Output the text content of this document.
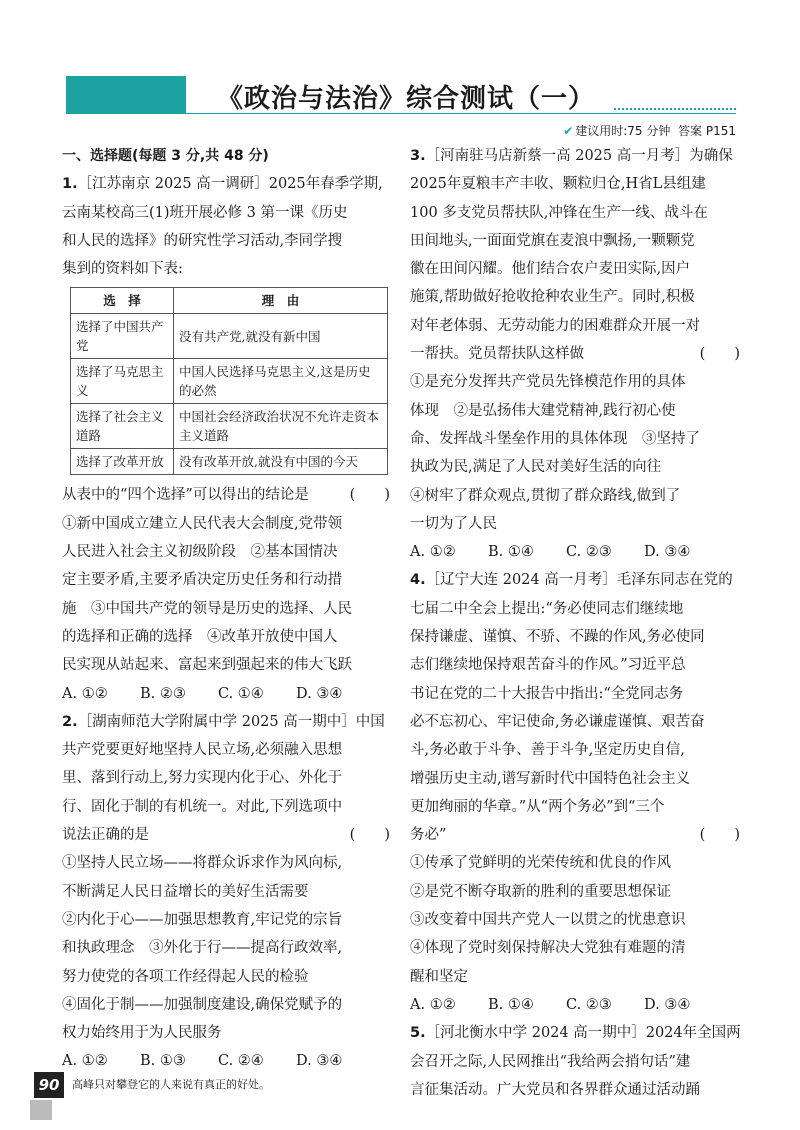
《政治与法治》综合测试（一）
✔ 建议用时:75 分钟 答案 P151
一、选择题(每题 3 分,共 48 分)
1.［江苏南京 2025 高一调研］2025年春季学期,
云南某校高三(1)班开展必修 3 第一课《历史
和人民的选择》的研究性学习活动,李同学搜
集到的资料如下表:
选　择	理　由
选择了中国共产党	没有共产党,就没有新中国
选择了马克思主义	中国人民选择马克思主义,这是历史的必然
选择了社会主义道路	中国社会经济政治状况不允许走资本主义道路
选择了改革开放	没有改革开放,就没有中国的今天
从表中的“四个选择”可以得出的结论是	(　　)
①新中国成立建立人民代表大会制度,党带领
人民进入社会主义初级阶段　②基本国情决
定主要矛盾,主要矛盾决定历史任务和行动措
施　③中国共产党的领导是历史的选择、人民
的选择和正确的选择　④改革开放使中国人
民实现从站起来、富起来到强起来的伟大飞跃
A. ①② B. ②③ C. ①④ D. ③④
2.［湖南师范大学附属中学 2025 高一期中］中国
共产党要更好地坚持人民立场,必须融入思想
里、落到行动上,努力实现内化于心、外化于
行、固化于制的有机统一。对此,下列选项中
说法正确的是	(　　)
①坚持人民立场——将群众诉求作为风向标,
不断满足人民日益增长的美好生活需要
②内化于心——加强思想教育,牢记党的宗旨
和执政理念　③外化于行——提高行政效率,
努力使党的各项工作经得起人民的检验
④固化于制——加强制度建设,确保党赋予的
权力始终用于为人民服务
A. ①② B. ①③ C. ②④ D. ③④
3.［河南驻马店新蔡一高 2025 高一月考］为确保
2025年夏粮丰产丰收、颗粒归仓,H省L县组建
100 多支党员帮扶队,冲锋在生产一线、战斗在
田间地头,一面面党旗在麦浪中飘扬,一颗颗党
徽在田间闪耀。他们结合农户麦田实际,因户
施策,帮助做好抢收抢种农业生产。同时,积极
对年老体弱、无劳动能力的困难群众开展一对
一帮扶。党员帮扶队这样做	(　　)
①是充分发挥共产党员先锋模范作用的具体
体现　②是弘扬伟大建党精神,践行初心使
命、发挥战斗堡垒作用的具体体现　③坚持了
执政为民,满足了人民对美好生活的向往
④树牢了群众观点,贯彻了群众路线,做到了
一切为了人民
A. ①② B. ①④ C. ②③ D. ③④
4.［辽宁大连 2024 高一月考］毛泽东同志在党的
七届二中全会上提出:“务必使同志们继续地
保持谦虚、谨慎、不骄、不躁的作风,务必使同
志们继续地保持艰苦奋斗的作风。”习近平总
书记在党的二十大报告中指出:“全党同志务
必不忘初心、牢记使命,务必谦虚谨慎、艰苦奋
斗,务必敢于斗争、善于斗争,坚定历史自信,
增强历史主动,谱写新时代中国特色社会主义
更加绚丽的华章。”从“两个务必”到“三个
务必”	(　　)
①传承了党鲜明的光荣传统和优良的作风
②是党不断夺取新的胜利的重要思想保证
③改变着中国共产党人一以贯之的忧患意识
④体现了党时刻保持解决大党独有难题的清
醒和坚定
A. ①② B. ①④ C. ②③ D. ③④
5.［河北衡水中学 2024 高一期中］2024年全国两
会召开之际,人民网推出“我给两会捎句话”建
言征集活动。广大党员和各界群众通过活动踊
90	高峰只对攀登它的人来说有真正的好处。
